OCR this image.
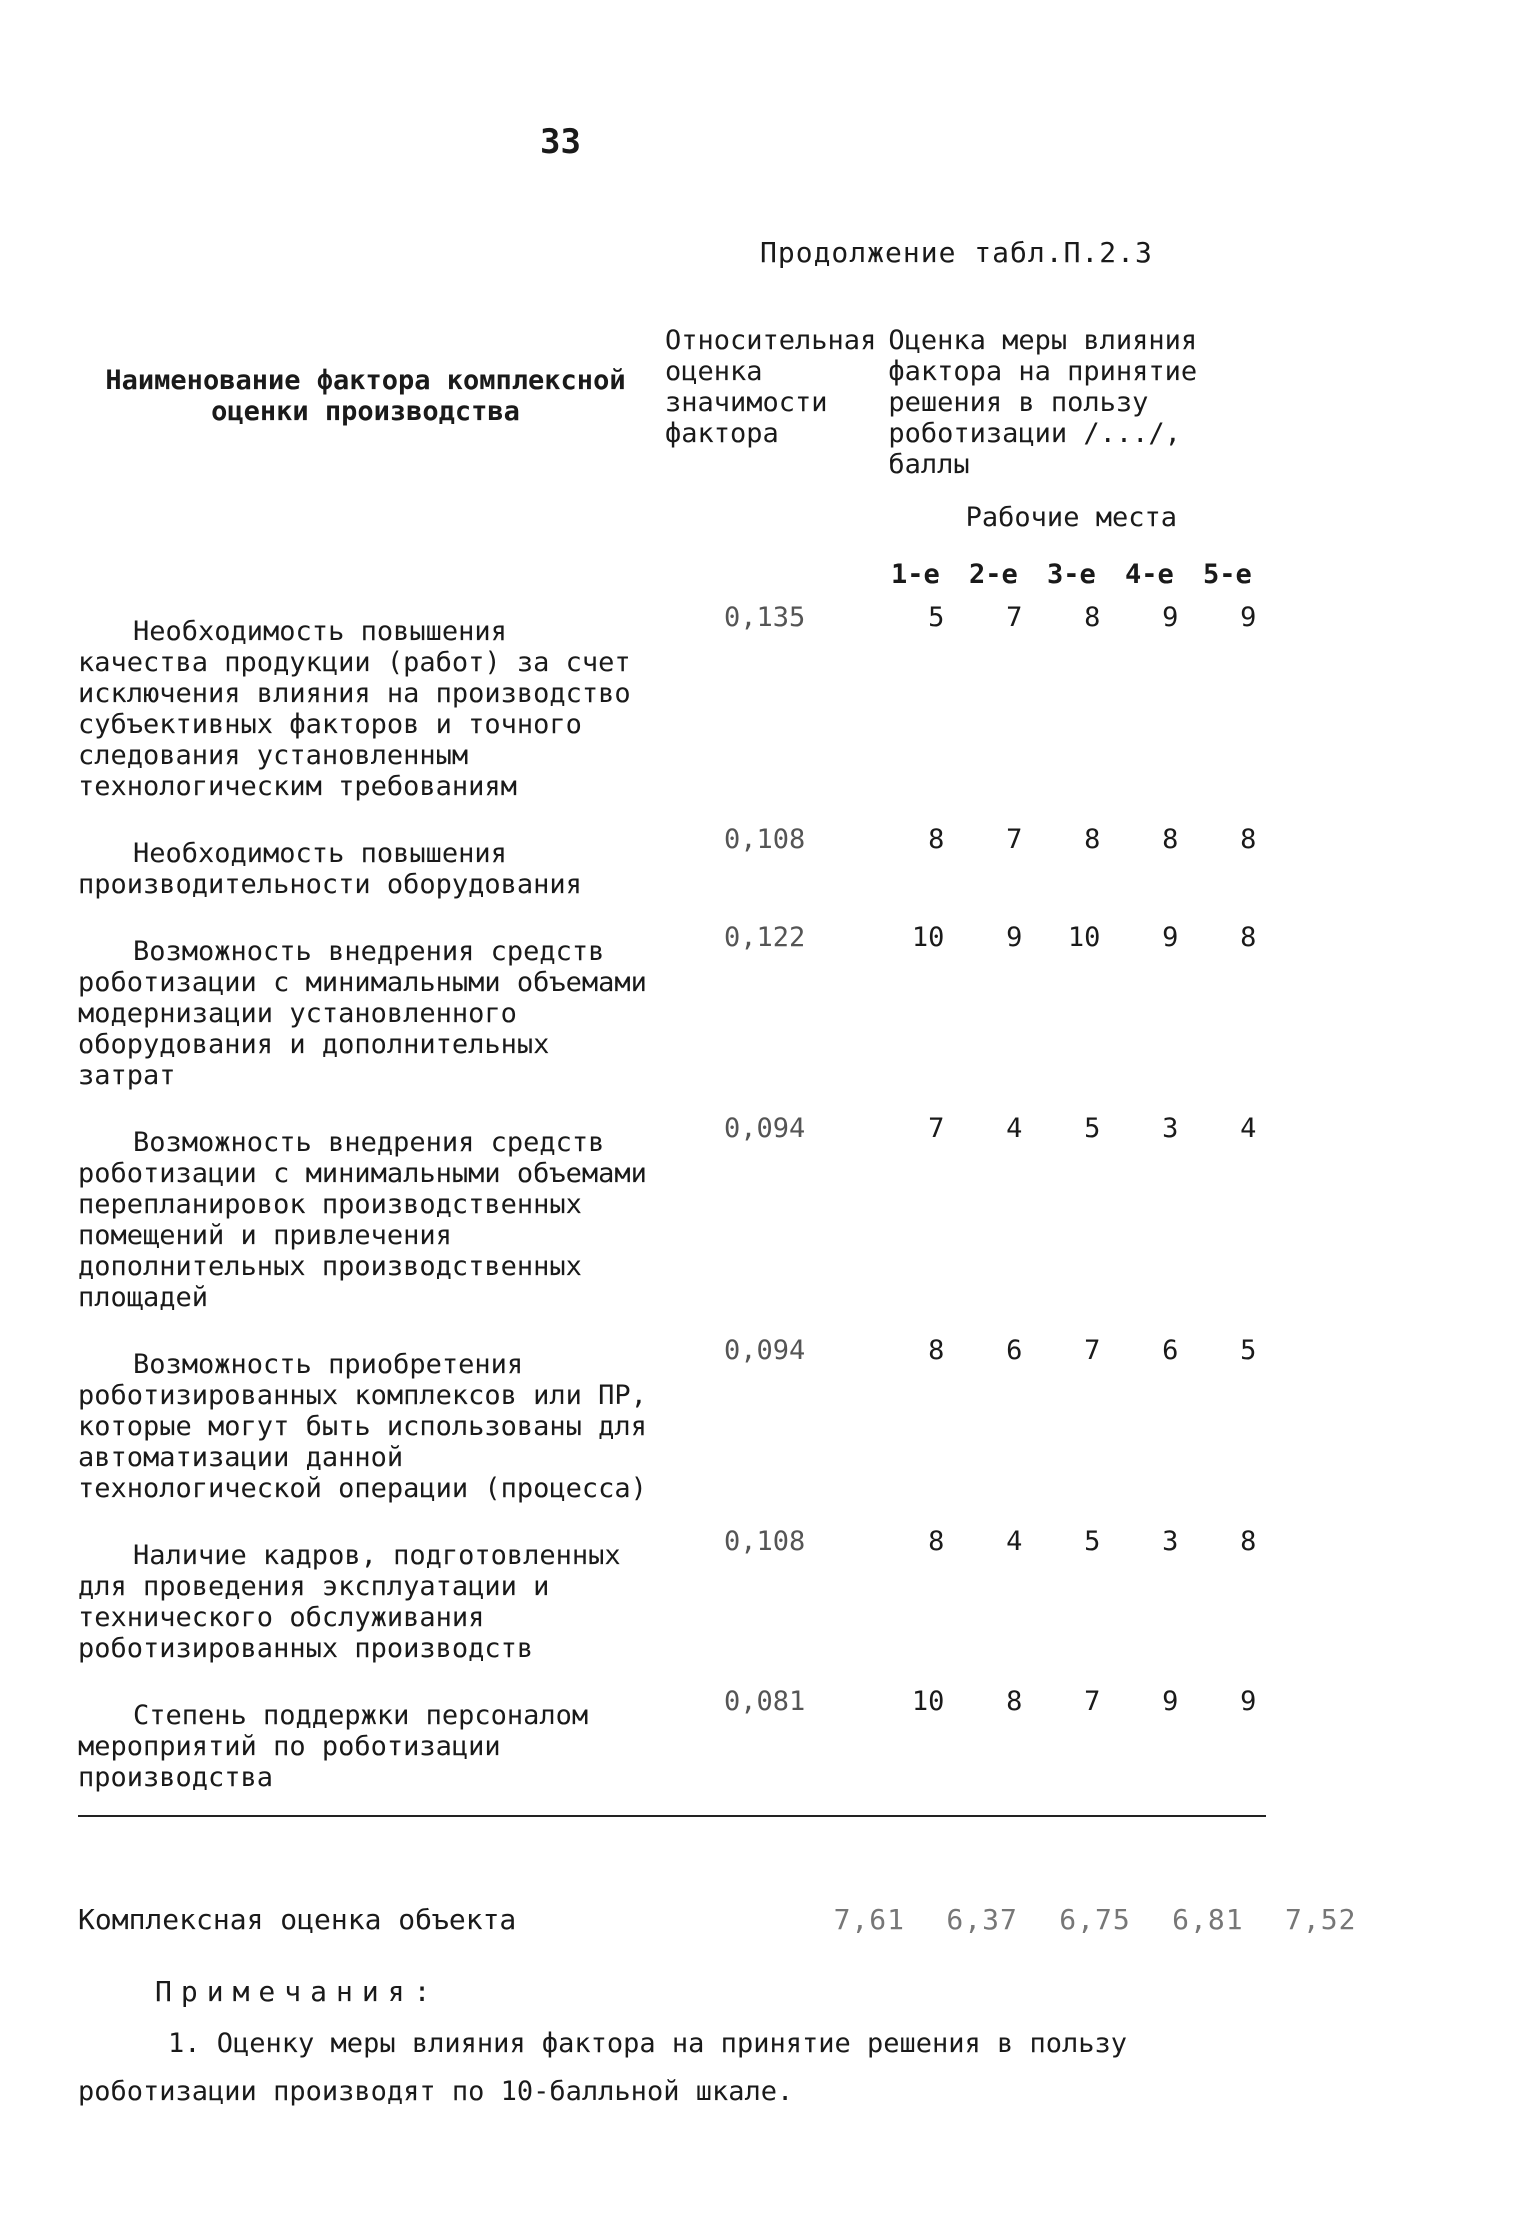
33
Продолжение табл.П.2.3
Наименование фактора комплексной оценки производства	Относительная оценка значимости фактора	Оценка меры влияния фактора на принятие решения в пользу роботизации /.../, баллы				
		Рабочие места				
		1-е	2-е	3-е	4-е	5-е

Необходимость повышения качества продукции (работ) за счет исключения влияния на производство субъективных факторов и точного следования установленным технологическим требованиям	0,135	5	7	8	9	9

Необходимость повышения производительности оборудования	0,108	8	7	8	8	8

Возможность внедрения средств роботизации с минимальными объемами модернизации установленного оборудования и дополнительных затрат	0,122	10	9	10	9	8

Возможность внедрения средств роботизации с минимальными объемами перепланировок производственных помещений и привлечения дополнительных производственных площадей	0,094	7	4	5	3	4

Возможность приобретения роботизированных комплексов или ПР, которые могут быть использованы для автоматизации данной технологической операции (процесса)	0,094	8	6	7	6	5

Наличие кадров, подготовленных для проведения эксплуатации и технического обслуживания роботизированных производств	0,108	8	4	5	3	8

Степень поддержки персоналом мероприятий по роботизации производства	0,081	10	8	7	9	9
Комплексная оценка объекта	7,61 6,37 6,75 6,81 7,52
Примечания:
1. Оценку меры влияния фактора на принятие решения в пользу роботизации производят по 10-балльной шкале.
